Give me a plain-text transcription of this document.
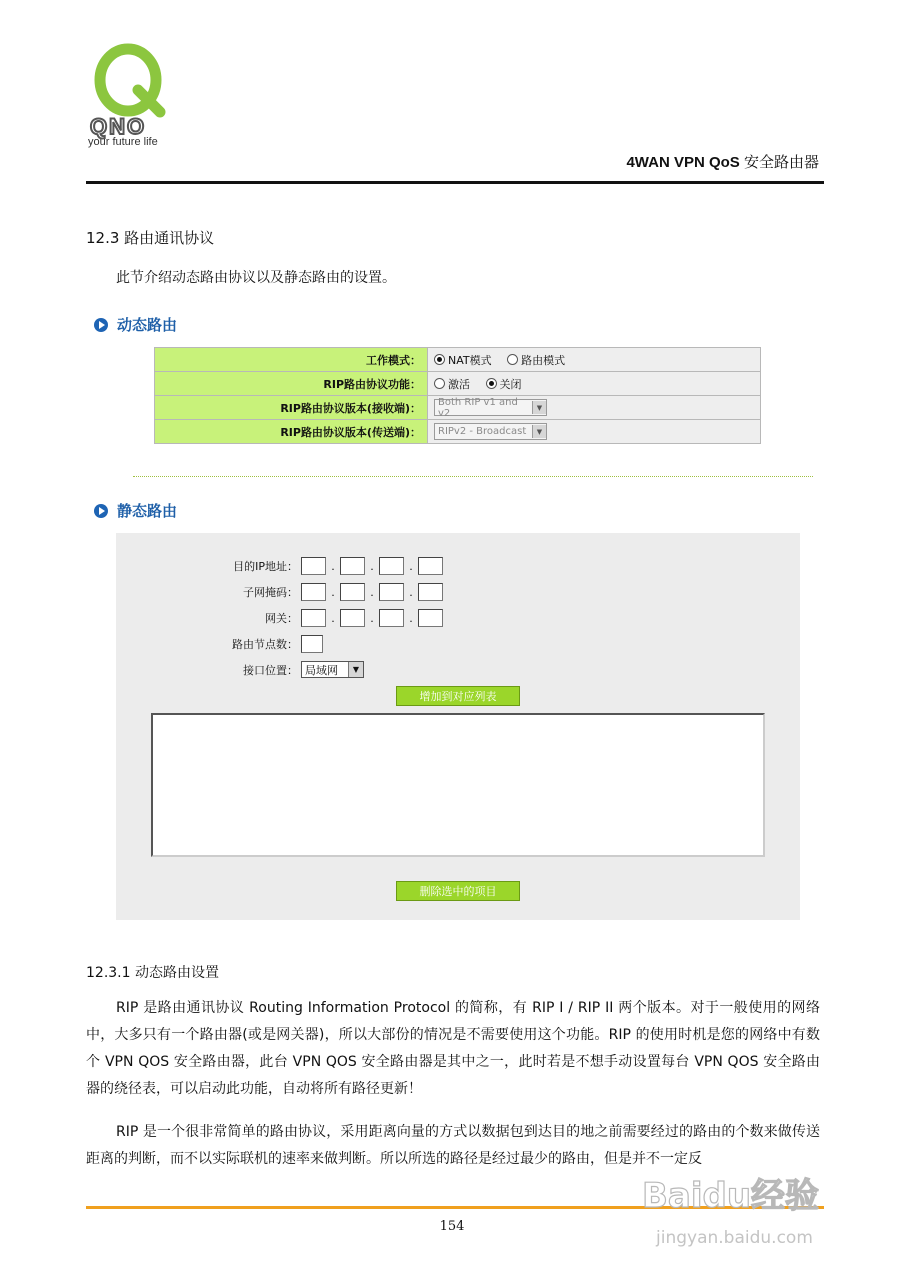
QNO
your future life
4WAN VPN QoS 安全路由器
12.3 路由通讯协议
此节介绍动态路由协议以及静态路由的设置。
动态路由
工作模式：	NAT模式 路由模式
RIP路由协议功能：	激活 关闭
RIP路由协议版本(接收端)：	Both RIP v1 and v2 ▼

RIP路由协议版本(传送端)：	RIPv2 - Broadcast ▼
静态路由
目的IP地址：	.	.	.
子网掩码：	.	.	.
网关：	.	.	.
路由节点数：
接口位置： 局域网	▼
增加到对应列表
删除选中的项目
12.3.1 动态路由设置
RIP 是路由通讯协议 Routing Information Protocol 的简称，有 RIP I / RIP II 两个版本。对于一般使用的网络中，大多只有一个路由器(或是网关器)，所以大部份的情况是不需要使用这个功能。RIP 的使用时机是您的网络中有数个 VPN QOS 安全路由器，此台 VPN QOS 安全路由器是其中之一，此时若是不想手动设置每台 VPN QOS 安全路由器的绕径表，可以启动此功能，自动将所有路径更新！
RIP 是一个很非常简单的路由协议，采用距离向量的方式以数据包到达目的地之前需要经过的路由的个数来做传送距离的判断，而不以实际联机的速率来做判断。所以所选的路径是经过最少的路由，但是并不一定反
154
Baidu经验
jingyan.baidu.com
